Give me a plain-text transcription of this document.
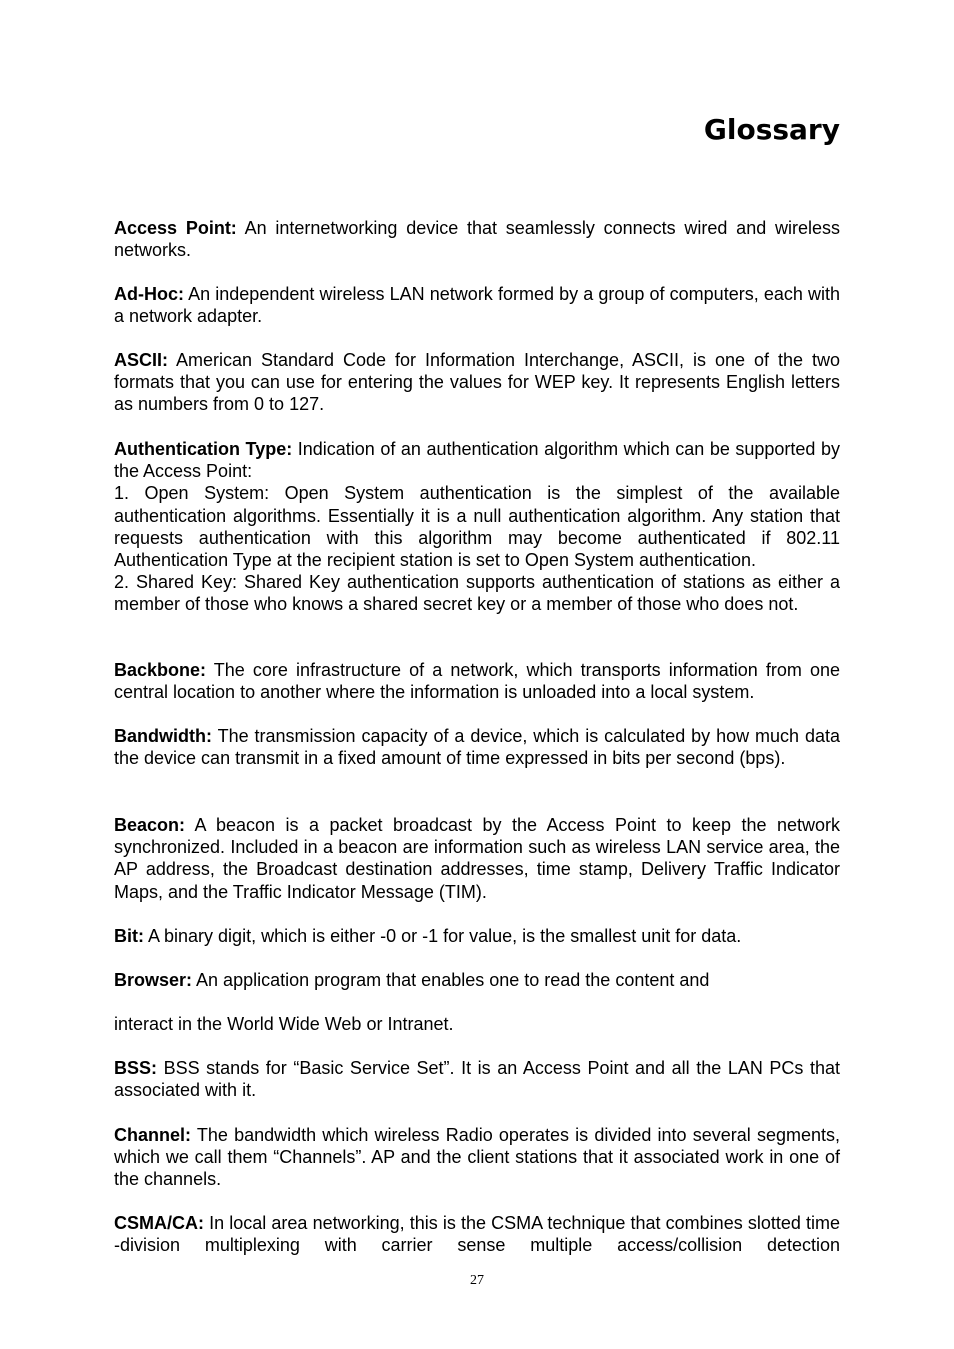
Glossary

Access Point: An internetworking device that seamlessly connects wired and wireless networks.

Ad-Hoc: An independent wireless LAN network formed by a group of computers, each with a network adapter.

ASCII: American Standard Code for Information Interchange, ASCII, is one of the two formats that you can use for entering the values for WEP key. It represents English letters as numbers from 0 to 127.

Authentication Type: Indication of an authentication algorithm which can be supported by the Access Point:
1. Open System: Open System authentication is the simplest of the available authentication algorithms. Essentially it is a null authentication algorithm. Any station that requests authentication with this algorithm may become authenticated if 802.11 Authentication Type at the recipient station is set to Open System authentication.
2. Shared Key: Shared Key authentication supports authentication of stations as either a member of those who knows a shared secret key or a member of those who does not.

Backbone: The core infrastructure of a network, which transports information from one central location to another where the information is unloaded into a local system.

Bandwidth: The transmission capacity of a device, which is calculated by how much data the device can transmit in a fixed amount of time expressed in bits per second (bps).

Beacon: A beacon is a packet broadcast by the Access Point to keep the network synchronized. Included in a beacon are information such as wireless LAN service area, the AP address, the Broadcast destination addresses, time stamp, Delivery Traffic Indicator Maps, and the Traffic Indicator Message (TIM).

Bit: A binary digit, which is either -0 or -1 for value, is the smallest unit for data.

Browser: An application program that enables one to read the content and

interact in the World Wide Web or Intranet.

BSS: BSS stands for “Basic Service Set”. It is an Access Point and all the LAN PCs that associated with it.

Channel: The bandwidth which wireless Radio operates is divided into several segments, which we call them “Channels”. AP and the client stations that it associated work in one of the channels.

CSMA/CA: In local area networking, this is the CSMA technique that combines slotted time -division multiplexing with carrier sense multiple access/collision detection

27
